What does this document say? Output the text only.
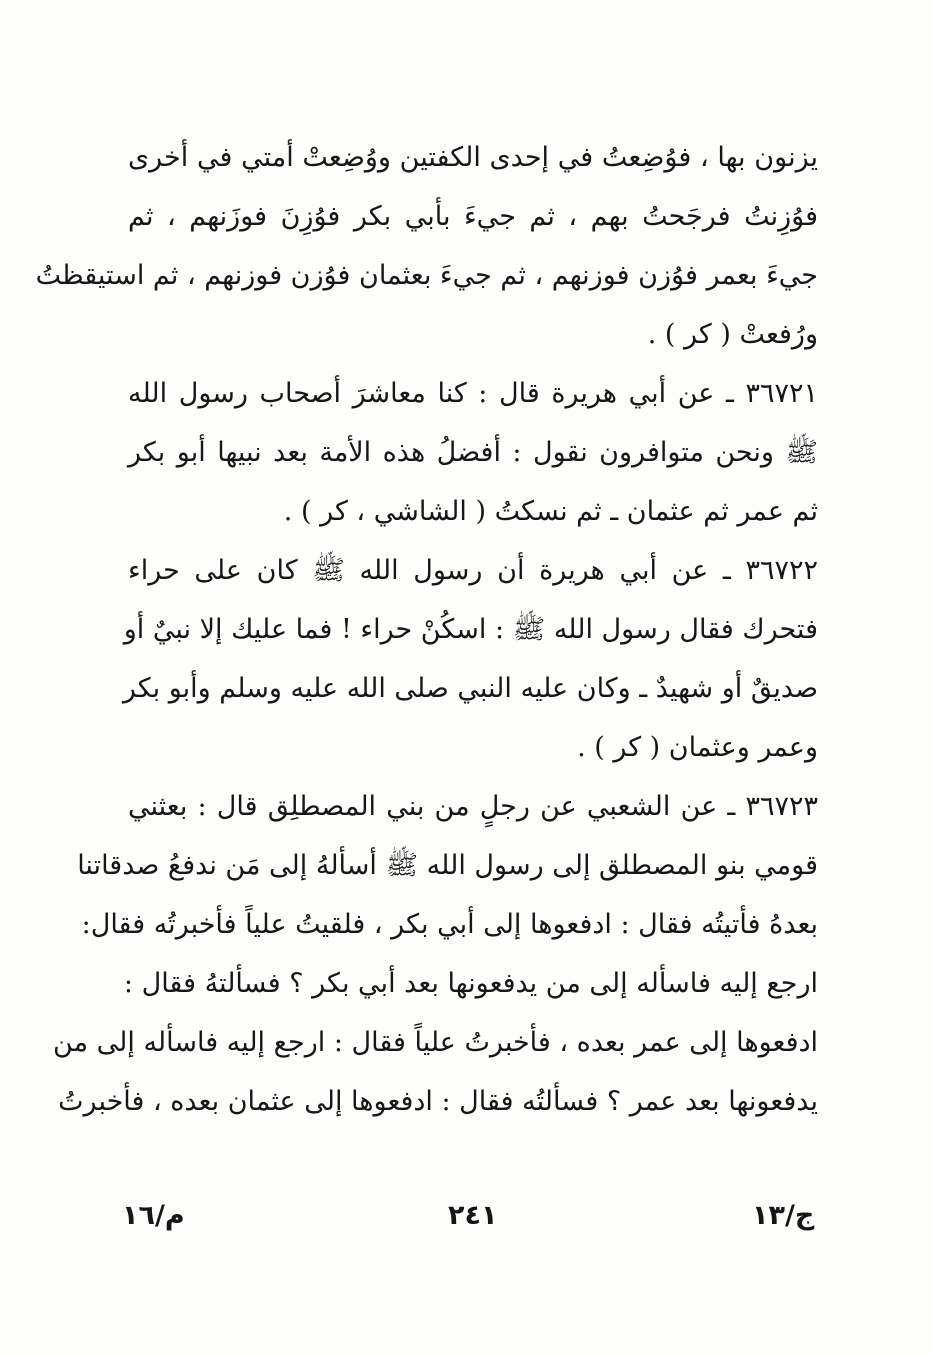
يزنون بها ، فوُضِعتُ في إحدى الكفتين ووُضِعتْ أمتي في أخرى
فوُزِنتُ فرجَحتُ بهم ، ثم جيءَ بأبي بكر فوُزِنَ فوزَنهم ، ثم
جيءَ بعمر فوُزن فوزنهم ، ثم جيءَ بعثمان فوُزن فوزنهم ، ثم استيقظتُ
ورُفعتْ ( كر ) .
٣٦٧٢١ ـ عن أبي هريرة قال : كنا معاشرَ أصحاب رسول الله
ﷺ ونحن متوافرون نقول : أفضلُ هذه الأمة بعد نبيها أبو بكر
ثم عمر ثم عثمان ـ ثم نسكتُ ( الشاشي ، كر ) .
٣٦٧٢٢ ـ عن أبي هريرة أن رسول الله ﷺ كان على حراء
فتحرك فقال رسول الله ﷺ : اسكُنْ حراء ! فما عليك إلا نبيٌ أو
صديقٌ أو شهيدٌ ـ وكان عليه النبي صلى الله عليه وسلم وأبو بكر
وعمر وعثمان ( كر ) .
٣٦٧٢٣ ـ عن الشعبي عن رجلٍ من بني المصطلِق قال : بعثني
قومي بنو المصطلق إلى رسول الله ﷺ أسألهُ إلى مَن ندفعُ صدقاتنا
بعدهُ فأتيتُه فقال : ادفعوها إلى أبي بكر ، فلقيتُ علياً فأخبرتُه فقال:
ارجع إليه فاسأله إلى من يدفعونها بعد أبي بكر ؟ فسألتهُ فقال :
ادفعوها إلى عمر بعده ، فأخبرتُ علياً فقال : ارجع إليه فاسأله إلى من
يدفعونها بعد عمر ؟ فسألتُه فقال : ادفعوها إلى عثمان بعده ، فأخبرتُ
م/١٦	٢٤١	ج/١٣
